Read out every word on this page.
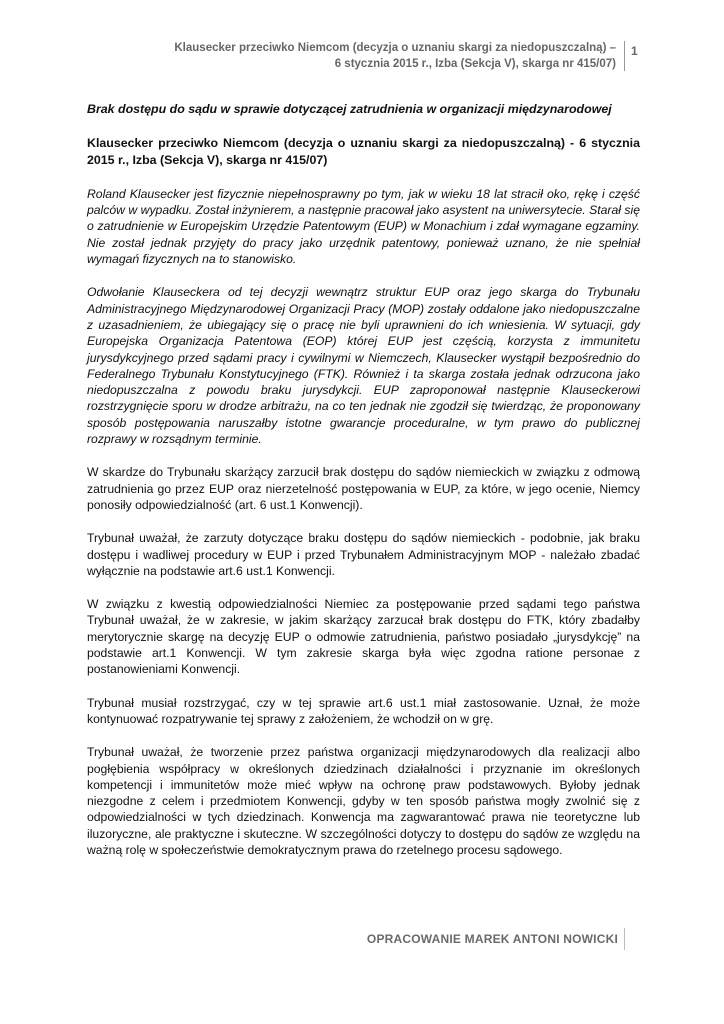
Klausecker przeciwko Niemcom (decyzja o uznaniu skargi za niedopuszczalną) –
6 stycznia 2015 r., Izba (Sekcja V), skarga nr 415/07)
1

Brak dostępu do sądu w sprawie dotyczącej zatrudnienia w organizacji międzynarodowej

Klausecker przeciwko Niemcom (decyzja o uznaniu skargi za niedopuszczalną) - 6 stycznia 2015 r., Izba (Sekcja V), skarga nr 415/07)

Roland Klausecker jest fizycznie niepełnosprawny po tym, jak w wieku 18 lat stracił oko, rękę i część palców w wypadku. Został inżynierem, a następnie pracował jako asystent na uniwersytecie. Starał się o zatrudnienie w Europejskim Urzędzie Patentowym (EUP) w Monachium i zdał wymagane egzaminy. Nie został jednak przyjęty do pracy jako urzędnik patentowy, ponieważ uznano, że nie spełniał wymagań fizycznych na to stanowisko.

Odwołanie Klauseckera od tej decyzji wewnątrz struktur EUP oraz jego skarga do Trybunału Administracyjnego Międzynarodowej Organizacji Pracy (MOP) zostały oddalone jako niedopuszczalne z uzasadnieniem, że ubiegający się o pracę nie byli uprawnieni do ich wniesienia. W sytuacji, gdy Europejska Organizacja Patentowa (EOP) której EUP jest częścią, korzysta z immunitetu jurysdykcyjnego przed sądami pracy i cywilnymi w Niemczech, Klausecker wystąpił bezpośrednio do Federalnego Trybunału Konstytucyjnego (FTK). Również i ta skarga została jednak odrzucona jako niedopuszczalna z powodu braku jurysdykcji. EUP zaproponował następnie Klauseckerowi rozstrzygnięcie sporu w drodze arbitrażu, na co ten jednak nie zgodził się twierdząc, że proponowany sposób postępowania naruszałby istotne gwarancje proceduralne, w tym prawo do publicznej rozprawy w rozsądnym terminie.

W skardze do Trybunału skarżący zarzucił brak dostępu do sądów niemieckich w związku z odmową zatrudnienia go przez EUP oraz nierzetelność postępowania w EUP, za które, w jego ocenie, Niemcy ponosiły odpowiedzialność (art. 6 ust.1 Konwencji).

Trybunał uważał, że zarzuty dotyczące braku dostępu do sądów niemieckich - podobnie, jak braku dostępu i wadliwej procedury w EUP i przed Trybunałem Administracyjnym MOP - należało zbadać wyłącznie na podstawie art.6 ust.1 Konwencji.

W związku z kwestią odpowiedzialności Niemiec za postępowanie przed sądami tego państwa Trybunał uważał, że w zakresie, w jakim skarżący zarzucał brak dostępu do FTK, który zbadałby merytorycznie skargę na decyzję EUP o odmowie zatrudnienia, państwo posiadało „jurysdykcję” na podstawie art.1 Konwencji. W tym zakresie skarga była więc zgodna ratione personae z postanowieniami Konwencji.

Trybunał musiał rozstrzygać, czy w tej sprawie art.6 ust.1 miał zastosowanie. Uznał, że może kontynuować rozpatrywanie tej sprawy z założeniem, że wchodził on w grę.

Trybunał uważał, że tworzenie przez państwa organizacji międzynarodowych dla realizacji albo pogłębienia współpracy w określonych dziedzinach działalności i przyznanie im określonych kompetencji i immunitetów może mieć wpływ na ochronę praw podstawowych. Byłoby jednak niezgodne z celem i przedmiotem Konwencji, gdyby w ten sposób państwa mogły zwolnić się z odpowiedzialności w tych dziedzinach. Konwencja ma zagwarantować prawa nie teoretyczne lub iluzoryczne, ale praktyczne i skuteczne. W szczególności dotyczy to dostępu do sądów ze względu na ważną rolę w społeczeństwie demokratycznym prawa do rzetelnego procesu sądowego.

OPRACOWANIE MAREK ANTONI NOWICKI
